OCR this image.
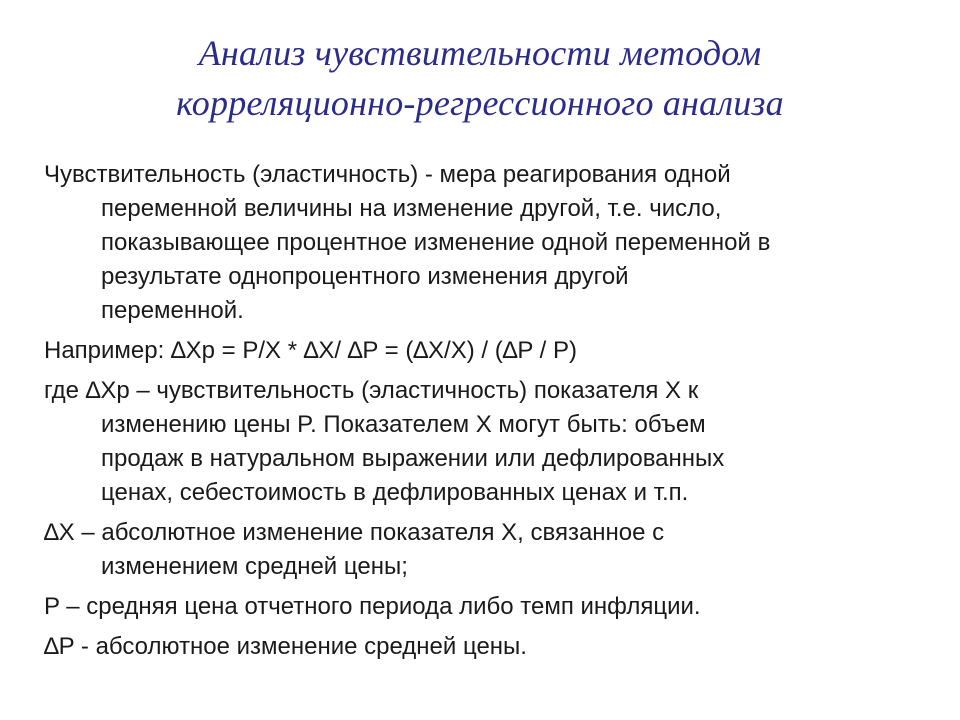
Анализ чувствительности методом
корреляционно-регрессионного анализа
Чувствительность (эластичность) - мера реагирования одной
переменной величины на изменение другой, т.е. число,
показывающее процентное изменение одной переменной в
результате однопроцентного изменения другой
переменной.
Например: ∆Xp = P/X * ∆X/ ∆P = (∆X/X) / (∆P / P)
где ∆Xp – чувствительность (эластичность) показателя X к
изменению цены P. Показателем X могут быть: объем
продаж в натуральном выражении или дефлированных
ценах, себестоимость в дефлированных ценах и т.п.
∆X – абсолютное изменение показателя X, связанное с
изменением средней цены;
P – средняя цена отчетного периода либо темп инфляции.
∆P - абсолютное изменение средней цены.
